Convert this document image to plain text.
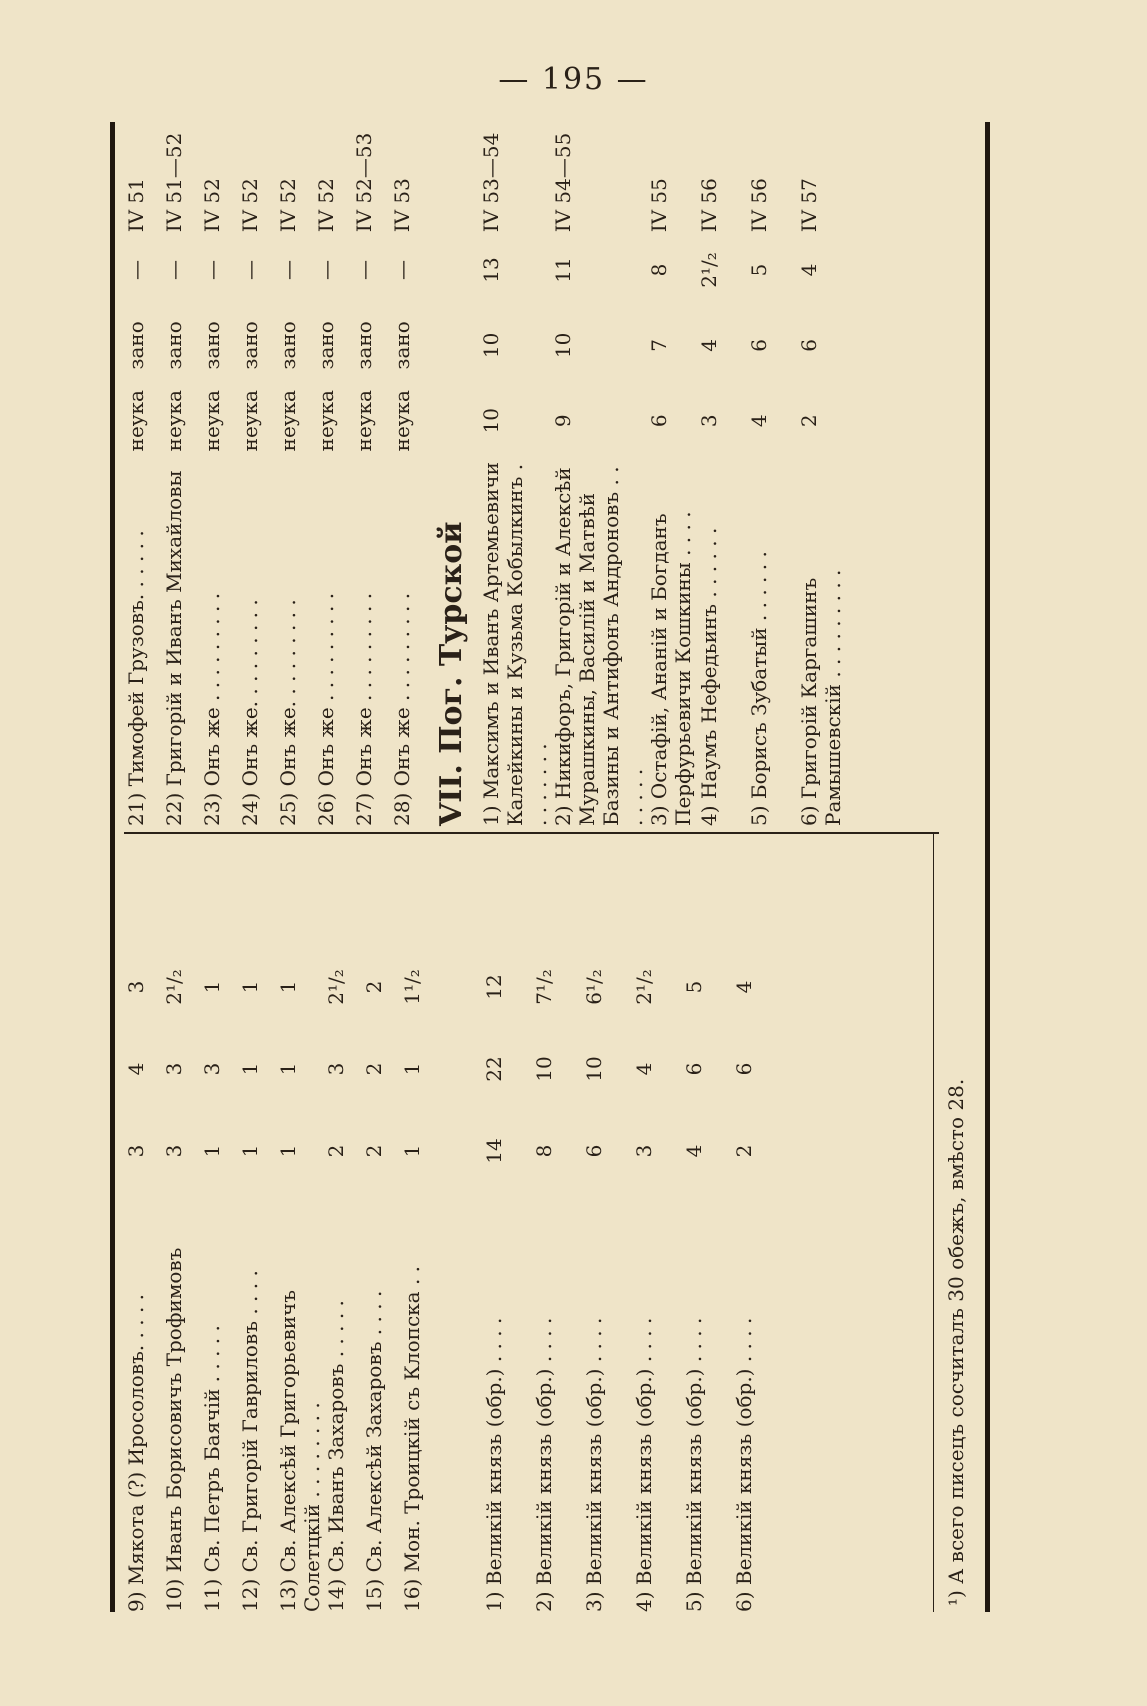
— 195 —
9) Мякота (?) Иросоловъ. . . . .
3
4
3
10) Иванъ Борисовичъ Трофимовъ
3
3
2¹/₂
11) Св. Петръ Баячій . . . . .
1
3
1
12) Св. Григорій Гавриловъ . . . .
1
1
1
13) Св. Алексѣй Григорьевичъ Солетцкій . . . . . . . .
1
1
1
14) Св. Иванъ Захаровъ . . . . .
2
3
2¹/₂
15) Св. Алексѣй Захаровъ . . . .
2
2
2
16) Мон. Троицкій съ Клопска . .
1
1
1¹/₂
1) Великій князь (обр.) . . . .
14
22
12
2) Великій князь (обр.) . . . .
8
10
7¹/₂
3) Великій князь (обр.) . . . .
6
10
6¹/₂
4) Великій князь (обр.) . . . .
3
4
2¹/₂
5) Великій князь (обр.) . . . .
4
6
5
6) Великій князь (обр.) . . . .
2
6
4
21) Тимофей Грузовъ. . . . . .
неука
зано
—
IV 51
22) Григорій и Иванъ Михайловы
неука
зано
—
IV 51—52
23) Онъ же . . . . . . . . .
неука
зано
—
IV 52
24) Онъ же. . . . . . . . .
неука
зано
—
IV 52
25) Онъ же. . . . . . . . .
неука
зано
—
IV 52
26) Онъ же . . . . . . . . .
неука
зано
—
IV 52
27) Онъ же . . . . . . . . .
неука
зано
—
IV 52—53
28) Онъ же . . . . . . . . .
неука
зано
—
IV 53
VII. Пог. Турской 1) Максимъ и Иванъ Артемьевичи Калейкины и Кузьма Кобылкинъ . . . . . . . .
10
10
13
IV 53—54
2) Никифоръ, Григорій и Алексѣй Мурашкины, Василій и Матвѣй Базины и Антифонъ Андроновъ . . . . . . .
9
10
11
IV 54—55
3) Остафій, Ананій и Богданъ Перфурьевичи Кошкины . . . .
6
7
8
IV 55
4) Наумъ Нефедьинъ . . . . . .
3
4
2¹/₂
IV 56
5) Борисъ Зубатый . . . . . .
4
6
5
IV 56
6) Григорій Каргашинъ Рамышевскій . . . . . . . . .
2
6
4
IV 57
¹) А всего писецъ сосчиталъ 30 обежъ, вмѣсто 28.
